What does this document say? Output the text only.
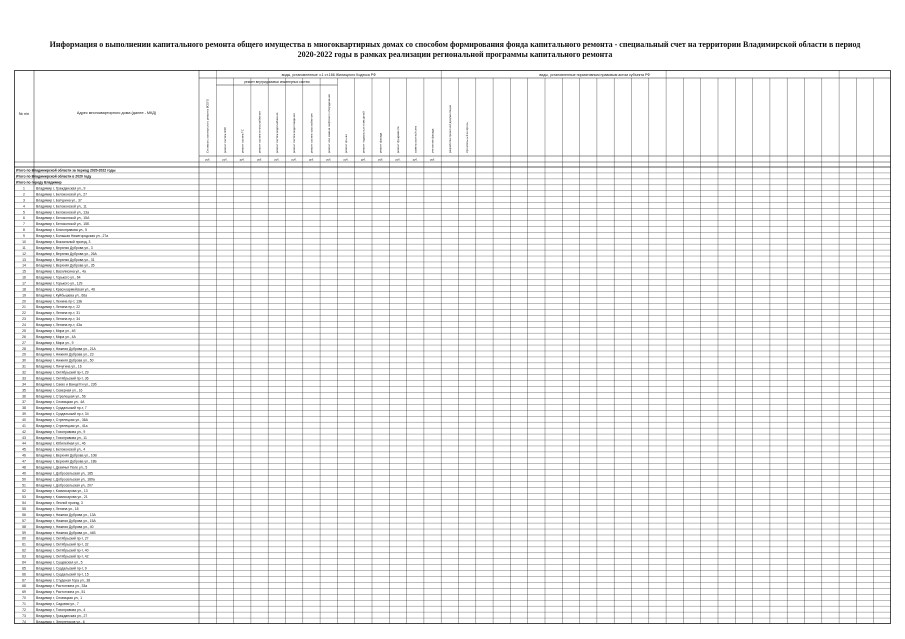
Информация о выполнении капитального ремонта общего имущества в многоквартирных домах со способом формирования фонда капитального ремонта - специальный счет на территории Владимирской области в период 2020-2022 годы в рамках реализации региональной программы капитального ремонта
№ п/п	Адрес многоквартирного дома (далее - МКД)
виды, установленные ч.1 ст.166 Жилищного Кодекса РФ	виды, установленные нормативным правовым актом субъекта РФ
ремонт внутридомовых инженерных систем
Стоимость капитального ремонта ВСЕГО	ремонт систем ЭЭС	ремонт систем ТС	ремонт систем теплоснабжения	ремонт систем водоснабжения	ремонт систем водоотведения	ремонт систем газоснабжения	ремонт или замена лифтового оборудования	ремонт крыши	ремонт подвальных помещений	ремонт фасада	ремонт фундамента	замена оконной сети	утепление фасада	разработка проектной документации	строительный контроль
руб.	руб.	руб.	руб.	руб.	руб.	руб.	руб.	руб.	руб.	руб.	руб.	руб.	руб.
Итого по Владимирской области за период 2020-2022 годы
Итого по Владимирской области в 2020 году
Итого по городу Владимир
1	Владимир г, Гражданская ул., 9
2	Владимир г, Белоконской ул., 27
3	Владимир г, Батурина ул., 37
4	Владимир г, Белоконской ул., 11
5	Владимир г, Белоконской ул., 13а
6	Владимир г, Белоконской ул., 15А
7	Владимир г, Белоконской ул., 15Б
8	Владимир г, Благонравова ул., 5
9	Владимир г, Большая Нижегородская ул., 27а
10	Владимир г, Вокзальный проезд, 3
11	Владимир г, Верхняя Дуброва ул., 3
12	Владимир г, Верхняя Дуброва ул., 26А
13	Владимир г, Верхняя Дуброва ул., 31
14	Владимир г, Верхняя Дуброва ул., 35
15	Владимир г, Василисина ул., 4а
16	Владимир г, Горького ул., 64
17	Владимир г, Горького ул., 129
18	Владимир г, Красноармейская ул., 46
19	Владимир г, Куйбышева ул., 66а
20	Владимир г, Ленина пр-т, 13Б
21	Владимир г, Ленина пр-т, 22
22	Владимир г, Ленина пр-т, 31
23	Владимир г, Ленина пр-т, 34
24	Владимир г, Ленина пр-т, 43а
25	Владимир г, Мира ул., 4б
26	Владимир г, Мира ул., 4А
27	Владимир г, Мира ул., 9
28	Владимир г, Нижняя Дуброва ул., 21А
29	Владимир г, Нижняя Дуброва ул., 23
30	Владимир г, Нижняя Дуброва ул., 50
31	Владимир г, Пичугина ул., 16
32	Владимир г, Октябрьский пр-т, 29
33	Владимир г, Октябрьский пр-т, 36
34	Владимир г, Сакко и Ванцетти ул., 23б
35	Владимир г, Северная ул., 16
36	Владимир г, Стрелецкая ул., 56
37	Владимир г, Сновицкая ул., 4А
38	Владимир г, Суздальский пр-т, 7
39	Владимир г, Суздальский пр-т, 34
40	Владимир г, Стрелецкая ул., 36А
41	Владимир г, Стрелецкая ул., 41а
42	Владимир г, Тихонравова ул., 9
43	Владимир г, Тихонравова ул., 11
44	Владимир г, Юбилейная ул., 46
45	Владимир г, Белоконской ул., 4
46	Владимир г, Верхняя Дуброва ул., 10В
47	Владимир г, Верхняя Дуброва ул., 18Б
48	Владимир г, Девичья Поле ул., 5
49	Владимир г, Добросельская ул., 185
50	Владимир г, Добросельская ул., 189а
51	Владимир г, Добросельская ул., 207
52	Владимир г, Комиссарова ул., 13
53	Владимир г, Комиссарова ул., 21
54	Владимир г, Лесной проезд, 3
55	Владимир г, Ленина ул., 18
56	Владимир г, Нижняя Дуброва ул., 13А
57	Владимир г, Нижняя Дуброва ул., 15А
58	Владимир г, Нижняя Дуброва ул., 40
59	Владимир г, Нижняя Дуброва ул., 44Б
60	Владимир г, Октябрьский пр-т, 27
61	Владимир г, Октябрьский пр-т, 32
62	Владимир г, Октябрьский пр-т, 40
63	Владимир г, Октябрьский пр-т, 42
64	Владимир г, Сущевская ул., 5
65	Владимир г, Суздальский пр-т, 9
66	Владимир г, Суздальский пр-т, 15
67	Владимир г, Студеная Гора ул., 38
68	Владимир г, Растопчина ул., 33а
69	Владимир г, Растопчина ул., 51
70	Владимир г, Сновицкая ул., 1
71	Владимир г, Садовая ул., 7
72	Владимир г, Тихонравова ул., 4
73	Владимир г, Гражданская ул., 27
74	Владимир г, Энергетиков ул., 6
